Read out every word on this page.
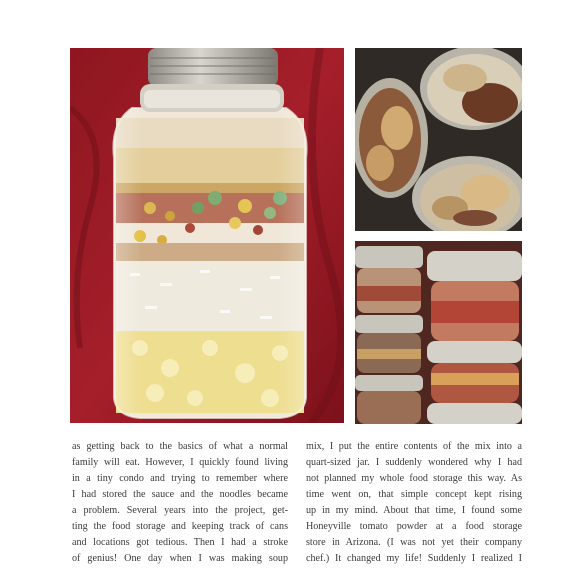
as getting back to the basics of what a normal
family will eat. However, I quickly found living
in a tiny condo and trying to remember where
I had stored the sauce and the noodles became
a problem. Several years into the project, get-
ting the food storage and keeping track of cans
and locations got tedious. Then I had a stroke
of genius! One day when I was making soup
mix, I put the entire contents of the mix into a
quart-sized jar. I suddenly wondered why I had
not planned my whole food storage this way. As
time went on, that simple concept kept rising
up in my mind. About that time, I found some
Honeyville tomato powder at a food storage
store in Arizona. (I was not yet their company
chef.) It changed my life! Suddenly I realized I
